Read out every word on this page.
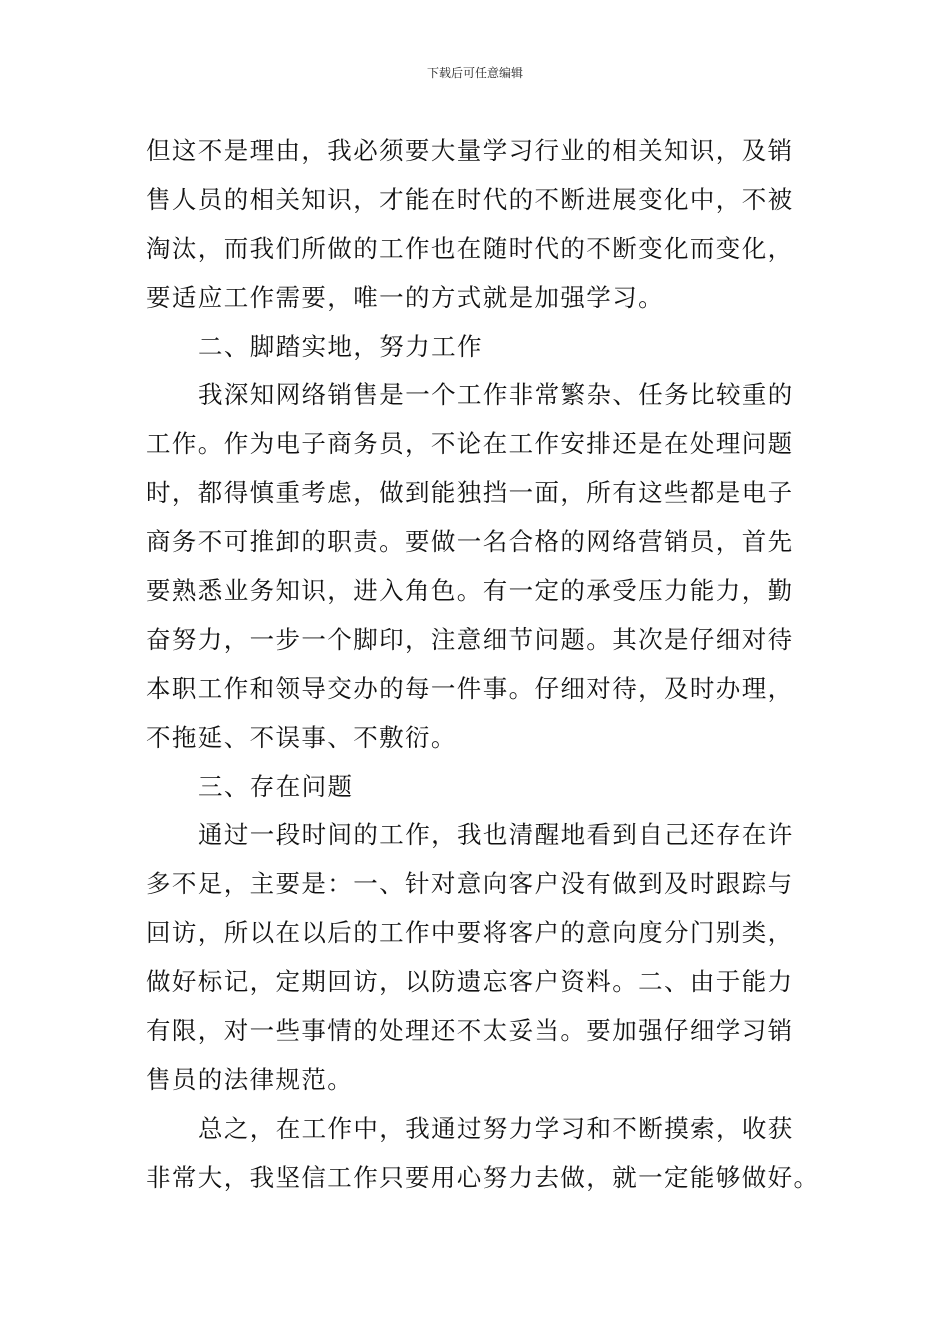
下载后可任意编辑
但这不是理由，我必须要大量学习行业的相关知识，及销
售人员的相关知识，才能在时代的不断进展变化中，不被
淘汰，而我们所做的工作也在随时代的不断变化而变化，
要适应工作需要，唯一的方式就是加强学习。
二、脚踏实地，努力工作
我深知网络销售是一个工作非常繁杂、任务比较重的
工作。作为电子商务员，不论在工作安排还是在处理问题
时，都得慎重考虑，做到能独挡一面，所有这些都是电子
商务不可推卸的职责。要做一名合格的网络营销员，首先
要熟悉业务知识，进入角色。有一定的承受压力能力，勤
奋努力，一步一个脚印，注意细节问题。其次是仔细对待
本职工作和领导交办的每一件事。仔细对待，及时办理，
不拖延、不误事、不敷衍。
三、存在问题
通过一段时间的工作，我也清醒地看到自己还存在许
多不足，主要是：一、针对意向客户没有做到及时跟踪与
回访，所以在以后的工作中要将客户的意向度分门别类，
做好标记，定期回访，以防遗忘客户资料。二、由于能力
有限，对一些事情的处理还不太妥当。要加强仔细学习销
售员的法律规范。
总之，在工作中，我通过努力学习和不断摸索，收获
非常大，我坚信工作只要用心努力去做，就一定能够做好。
